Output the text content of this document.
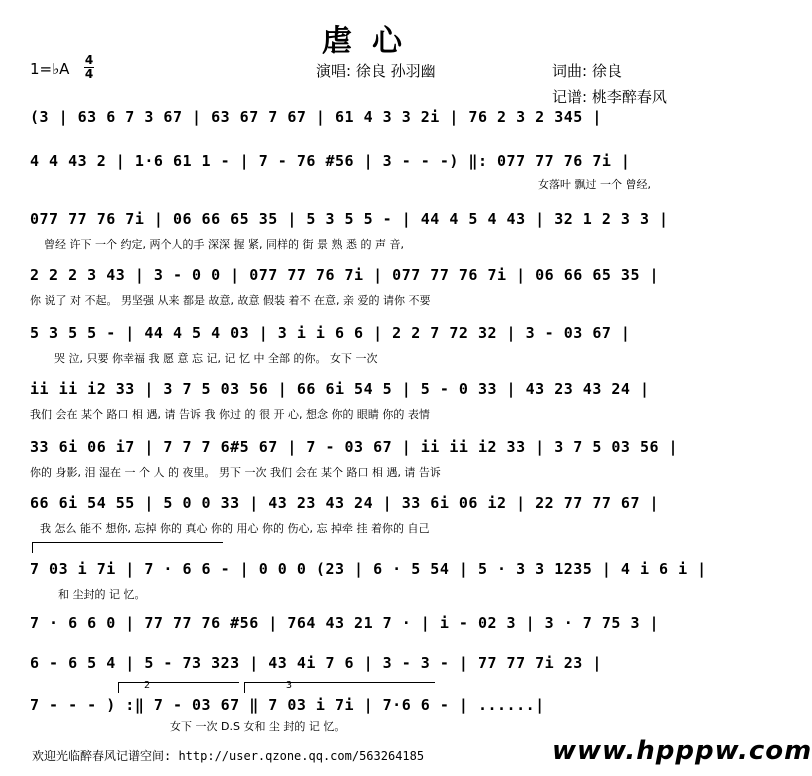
虐心
1=♭A 4
4	演唱: 徐良 孙羽幽	词曲: 徐良
记谱: 桃李醉春风
(3 | 63 6 7 3 67 | 63 67 7 67 | 61 4 3 3 2i | 76 2 3 2 345 |
4 4 43 2 | 1·6 61 1 - | 7 - 76 #56 | 3 - - -) ‖: 077 77 76 7i |
女落叶 飘过 一个 曾经,
077 77 76 7i | 06 66 65 35 | 5 3 5 5 - | 44 4 5 4 43 | 32 1 2 3 3 |
曾经 许下 一个 约定, 两个人的手 深深 握 紧, 同样的 街 景 熟 悉 的 声 音,
2 2 2 3 43 | 3 - 0 0 | 077 77 76 7i | 077 77 76 7i | 06 66 65 35 |
你 说了 对 不起。 男坚强 从来 都是 故意, 故意 假装 着不 在意, 亲 爱的 请你 不要
5 3 5 5 - | 44 4 5 4 03 | 3 i i 6 6 | 2 2 7 72 32 | 3 - 03 67 |
哭 泣, 只要 你幸福 我 愿 意 忘 记, 记 忆 中 全部 的你。 女下 一次
ii ii i2 33 | 3 7 5 03 56 | 66 6i 54 5 | 5 - 0 33 | 43 23 43 24 |
我们 会在 某个 路口 相 遇, 请 告诉 我 你过 的 很 开 心, 想念 你的 眼睛 你的 表情
33 6i 06 i7 | 7 7 7 6#5 67 | 7 - 03 67 | ii ii i2 33 | 3 7 5 03 56 |
你的 身影, 泪 湿在 一 个 人 的 夜里。 男下 一次 我们 会在 某个 路口 相 遇, 请 告诉
66 6i 54 55 | 5 0 0 33 | 43 23 43 24 | 33 6i 06 i2 | 22 77 77 67 |
我 怎么 能不 想你, 忘掉 你的 真心 你的 用心 你的 伤心, 忘 掉牵 挂 着你的 自己
7 03 i 7i | 7 · 6 6 - | 0 0 0 (23 | 6 · 5 54 | 5 · 3 3 1235 | 4 i 6 i |
和 尘封的 记 忆。
7 · 6 6 0 | 77 77 76 #56 | 764 43 21 7 · | i - 02 3 | 3 · 7 75 3 |
6 - 6 5 4 | 5 - 73 323 | 43 4i 7 6 | 3 - 3 - | 77 77 7i 23 |
2	3
7 - - - ) :‖ 7 - 03 67 ‖ 7 03 i 7i | 7·6 6 - | ......|
女下 一次 D.S 女和 尘 封的 记 忆。
欢迎光临醉春风记谱空间: http://user.qzone.qq.com/563264185	www.hpppw.com
